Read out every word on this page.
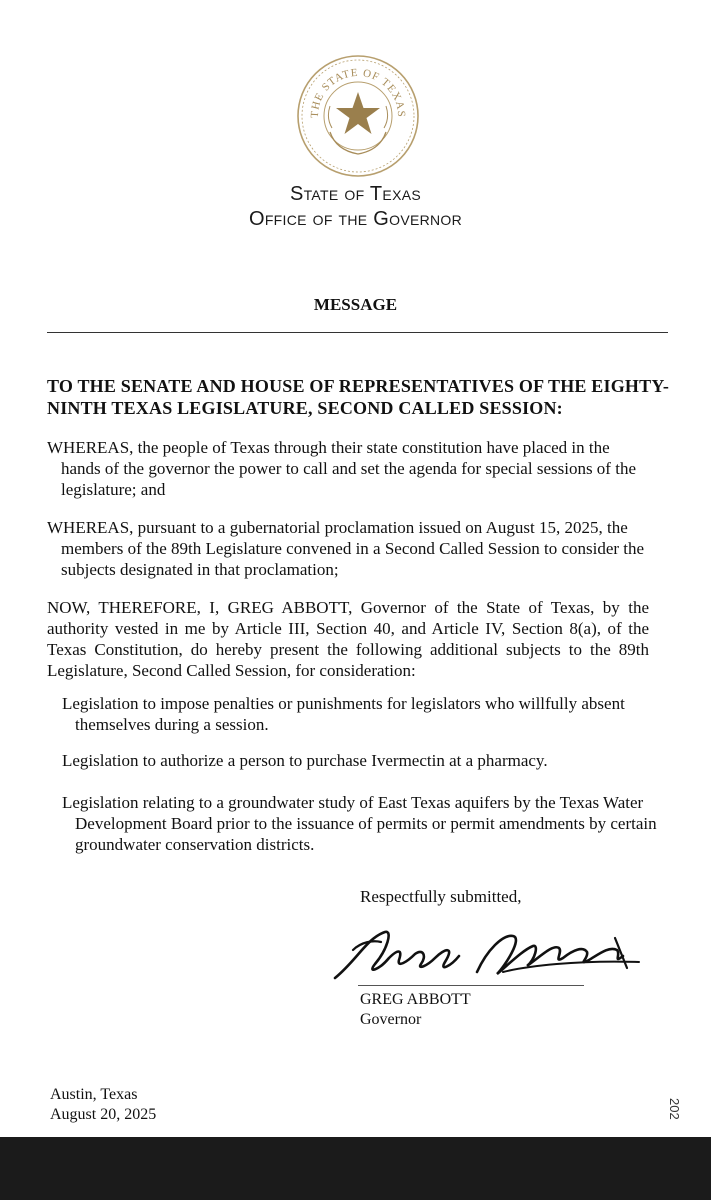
THE STATE OF TEXAS
State of Texas
Office of the Governor
MESSAGE
TO THE SENATE AND HOUSE OF REPRESENTATIVES OF THE EIGHTY-NINTH TEXAS LEGISLATURE, SECOND CALLED SESSION:
WHEREAS, the people of Texas through their state constitution have placed in the hands of the governor the power to call and set the agenda for special sessions of the legislature; and
WHEREAS, pursuant to a gubernatorial proclamation issued on August 15, 2025, the members of the 89th Legislature convened in a Second Called Session to consider the subjects designated in that proclamation;
NOW, THEREFORE, I, GREG ABBOTT, Governor of the State of Texas, by the authority vested in me by Article III, Section 40, and Article IV, Section 8(a), of the Texas Constitution, do hereby present the following additional subjects to the 89th Legislature, Second Called Session, for consideration:
Legislation to impose penalties or punishments for legislators who willfully absent themselves during a session.
Legislation to authorize a person to purchase Ivermectin at a pharmacy.
Legislation relating to a groundwater study of East Texas aquifers by the Texas Water Development Board prior to the issuance of permits or permit amendments by certain groundwater conservation districts.
Respectfully submitted,
GREG ABBOTT
Governor
Austin, Texas
August 20, 2025	202
